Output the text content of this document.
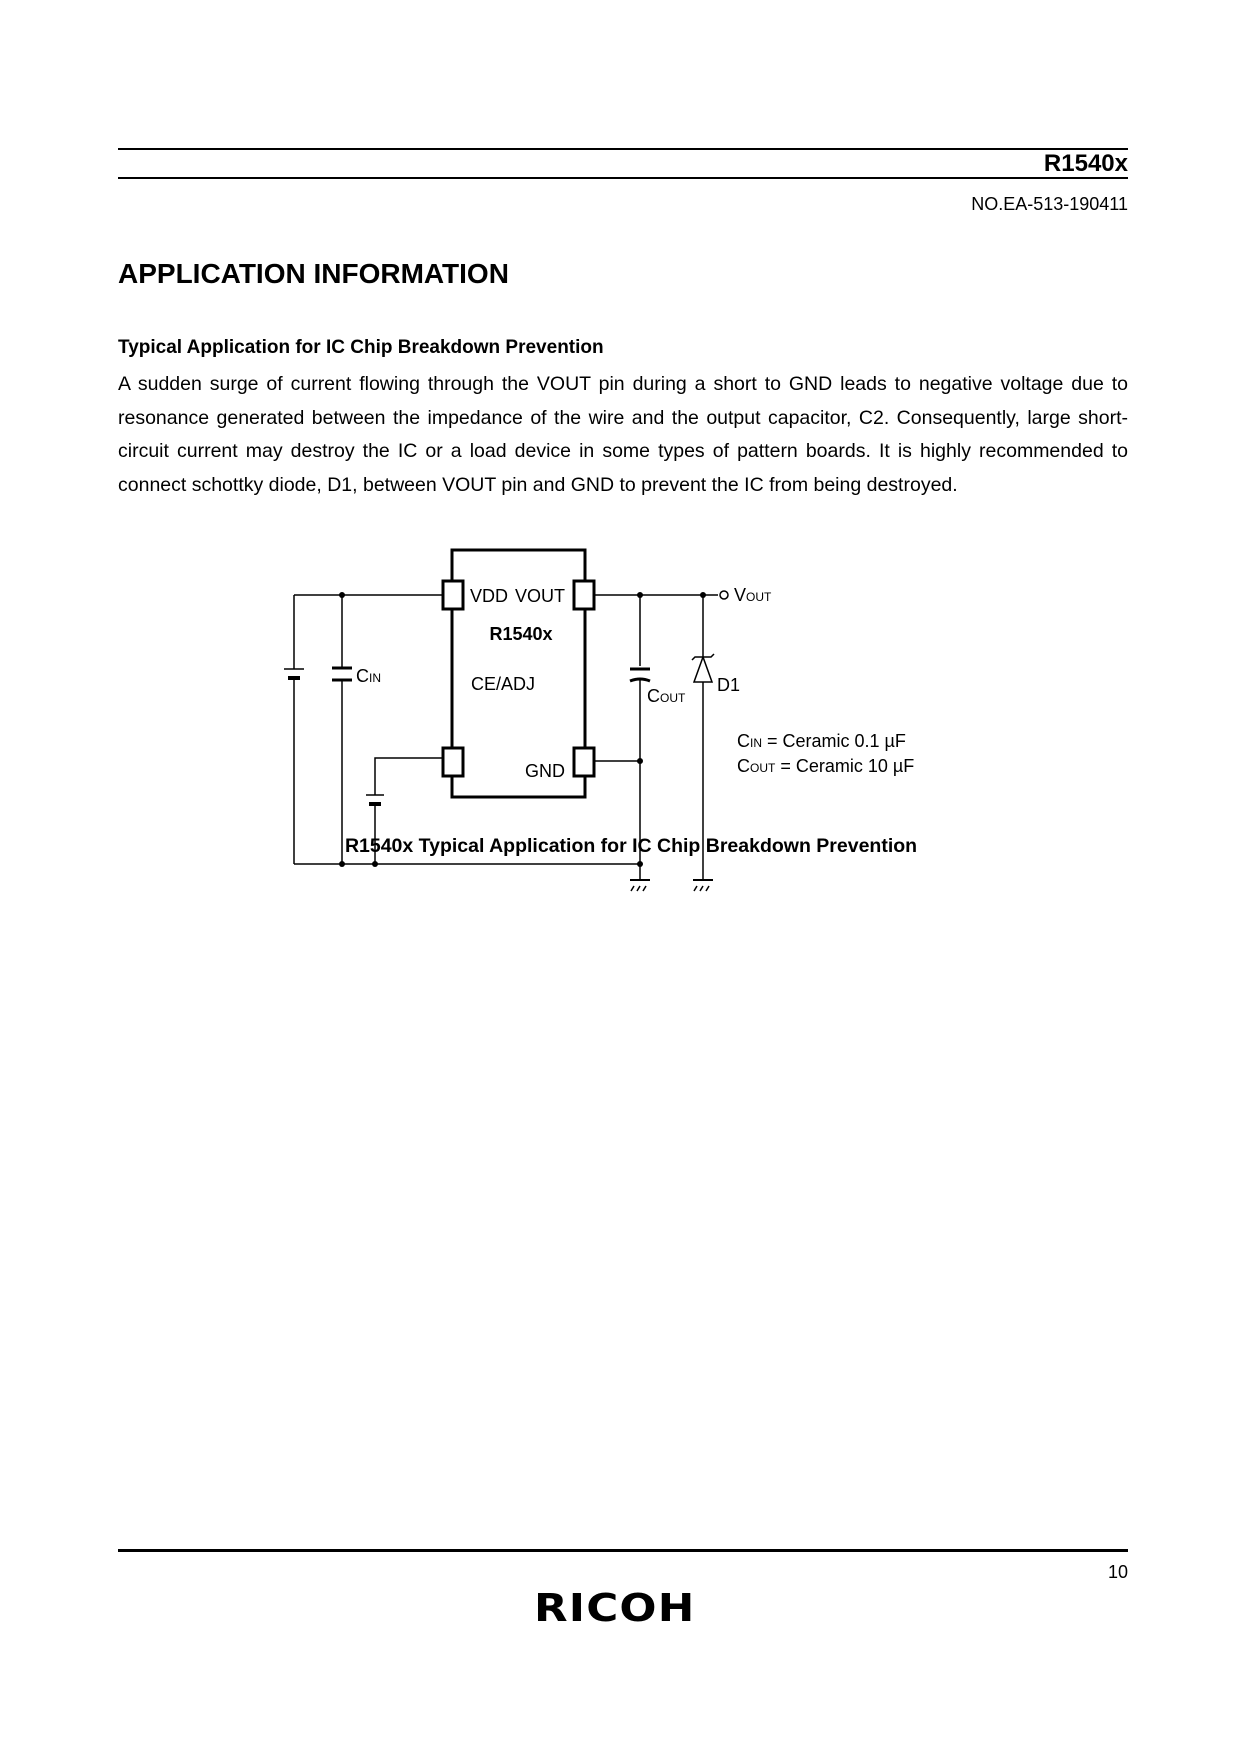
R1540x
NO.EA-513-190411
APPLICATION INFORMATION
Typical Application for IC Chip Breakdown Prevention
A sudden surge of current flowing through the VOUT pin during a short to GND leads to negative voltage due to resonance generated between the impedance of the wire and the output capacitor, C2. Consequently, large short-circuit current may destroy the IC or a load device in some types of pattern boards. It is highly recommended to connect schottky diode, D1, between VOUT pin and GND to prevent the IC from being destroyed.
VDD VOUT
R1540x
CE/ADJ
GND
CIN
COUT
VOUT
D1
CIN = Ceramic 0.1 µF
COUT = Ceramic 10 µF
R1540x Typical Application for IC Chip Breakdown Prevention
10
RICOH
